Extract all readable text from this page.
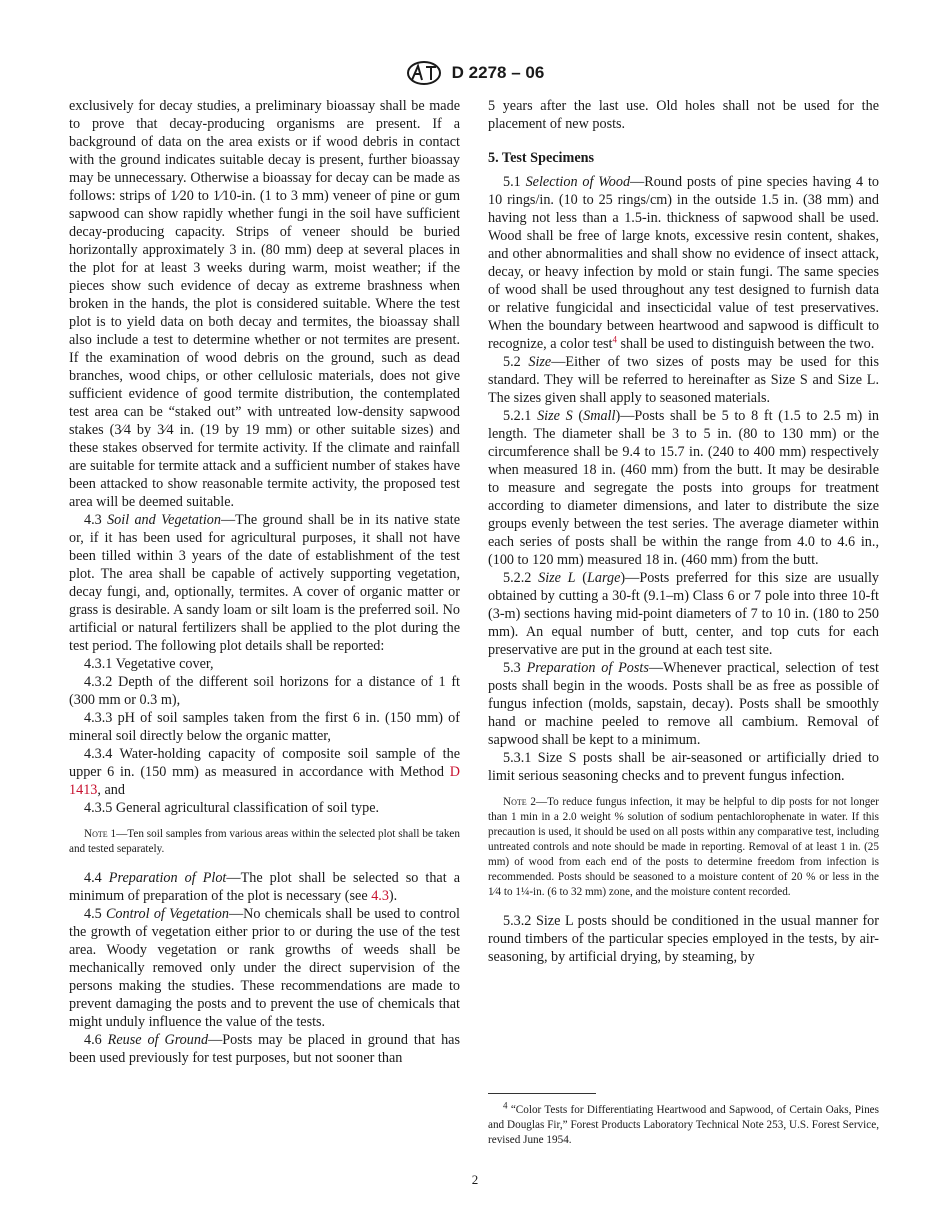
D 2278 – 06

exclusively for decay studies, a preliminary bioassay shall be made to prove that decay-producing organisms are present. If a background of data on the area exists or if wood debris in contact with the ground indicates suitable decay is present, further bioassay may be unnecessary. Otherwise a bioassay for decay can be made as follows: strips of 1⁄20 to 1⁄10-in. (1 to 3 mm) veneer of pine or gum sapwood can show rapidly whether fungi in the soil have sufficient decay-producing capacity. Strips of veneer should be buried horizontally approximately 3 in. (80 mm) deep at several places in the plot for at least 3 weeks during warm, moist weather; if the pieces show such evidence of decay as extreme brashness when broken in the hands, the plot is considered suitable. Where the test plot is to yield data on both decay and termites, the bioassay shall also include a test to determine whether or not termites are present. If the examination of wood debris on the ground, such as dead branches, wood chips, or other cellulosic materials, does not give sufficient evidence of good termite distribution, the contemplated test area can be “staked out” with untreated low-density sapwood stakes (3⁄4 by 3⁄4 in. (19 by 19 mm) or other suitable sizes) and these stakes observed for termite activity. If the climate and rainfall are suitable for termite attack and a sufficient number of stakes have been attacked to show reasonable termite activity, the proposed test area will be deemed suitable.

4.3 Soil and Vegetation—The ground shall be in its native state or, if it has been used for agricultural purposes, it shall not have been tilled within 3 years of the date of establishment of the test plot. The area shall be capable of actively supporting vegetation, decay fungi, and, optionally, termites. A cover of organic matter or grass is desirable. A sandy loam or silt loam is the preferred soil. No artificial or natural fertilizers shall be applied to the plot during the test period. The following plot details shall be reported:

4.3.1 Vegetative cover,

4.3.2 Depth of the different soil horizons for a distance of 1 ft (300 mm or 0.3 m),

4.3.3 pH of soil samples taken from the first 6 in. (150 mm) of mineral soil directly below the organic matter,

4.3.4 Water-holding capacity of composite soil sample of the upper 6 in. (150 mm) as measured in accordance with Method D 1413, and

4.3.5 General agricultural classification of soil type.

Note 1—Ten soil samples from various areas within the selected plot shall be taken and tested separately.

4.4 Preparation of Plot—The plot shall be selected so that a minimum of preparation of the plot is necessary (see 4.3).

4.5 Control of Vegetation—No chemicals shall be used to control the growth of vegetation either prior to or during the use of the test area. Woody vegetation or rank growths of weeds shall be mechanically removed only under the direct supervision of the persons making the studies. These recommendations are made to prevent damaging the posts and to prevent the use of chemicals that might unduly influence the value of the tests.

4.6 Reuse of Ground—Posts may be placed in ground that has been used previously for test purposes, but not sooner than

5 years after the last use. Old holes shall not be used for the placement of new posts.

5. Test Specimens

5.1 Selection of Wood—Round posts of pine species having 4 to 10 rings/in. (10 to 25 rings/cm) in the outside 1.5 in. (38 mm) and having not less than a 1.5-in. thickness of sapwood shall be used. Wood shall be free of large knots, excessive resin content, shakes, and other abnormalities and shall show no evidence of insect attack, decay, or heavy infection by mold or stain fungi. The same species of wood shall be used throughout any test designed to furnish data or relative fungicidal and insecticidal value of test preservatives. When the boundary between heartwood and sapwood is difficult to recognize, a color test$^4$ shall be used to distinguish between the two.

5.2 Size—Either of two sizes of posts may be used for this standard. They will be referred to hereinafter as Size S and Size L. The sizes given shall apply to seasoned materials.

5.2.1 Size S (Small)—Posts shall be 5 to 8 ft (1.5 to 2.5 m) in length. The diameter shall be 3 to 5 in. (80 to 130 mm) or the circumference shall be 9.4 to 15.7 in. (240 to 400 mm) respectively when measured 18 in. (460 mm) from the butt. It may be desirable to measure and segregate the posts into groups for treatment according to diameter dimensions, and later to distribute the size groups evenly between the test series. The average diameter within each series of posts shall be within the range from 4.0 to 4.6 in., (100 to 120 mm) measured 18 in. (460 mm) from the butt.

5.2.2 Size L (Large)—Posts preferred for this size are usually obtained by cutting a 30-ft (9.1–m) Class 6 or 7 pole into three 10-ft (3-m) sections having mid-point diameters of 7 to 10 in. (180 to 250 mm). An equal number of butt, center, and top cuts for each preservative are put in the ground at each test site.

5.3 Preparation of Posts—Whenever practical, selection of test posts shall begin in the woods. Posts shall be as free as possible of fungus infection (molds, sapstain, decay). Posts shall be smoothly hand or machine peeled to remove all cambium. Removal of sapwood shall be kept to a minimum.

5.3.1 Size S posts shall be air-seasoned or artificially dried to limit serious seasoning checks and to prevent fungus infection.

Note 2—To reduce fungus infection, it may be helpful to dip posts for not longer than 1 min in a 2.0 weight % solution of sodium pentachlorophenate in water. If this precaution is used, it should be used on all posts within any comparative test, including untreated controls and note should be made in reporting. Removal of at least 1 in. (25 mm) of wood from each end of the posts to determine freedom from infection is recommended. Posts should be seasoned to a moisture content of 20 % or less in the 1⁄4 to 1¼-in. (6 to 32 mm) zone, and the moisture content recorded.

5.3.2 Size L posts should be conditioned in the usual manner for round timbers of the particular species employed in the tests, by air-seasoning, by artificial drying, by steaming, by

$^4$ “Color Tests for Differentiating Heartwood and Sapwood, of Certain Oaks, Pines and Douglas Fir,” Forest Products Laboratory Technical Note 253, U.S. Forest Service, revised June 1954.
2
